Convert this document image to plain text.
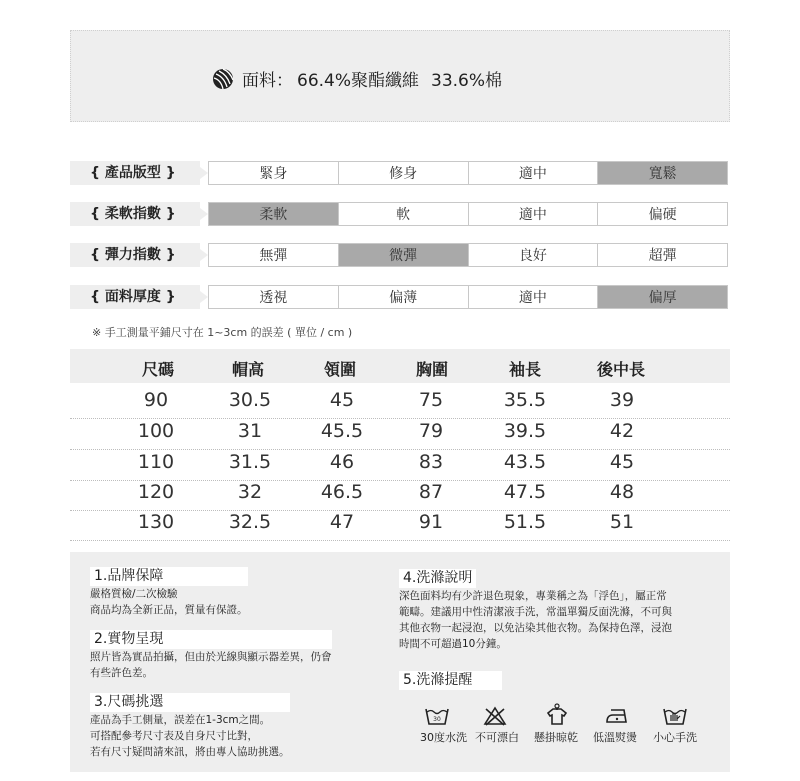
面料： 66.4%聚酯纖維 33.6%棉
{ 產品版型 }	緊身	修身	適中	寬鬆
{ 柔軟指數 }	柔軟	軟	適中	偏硬
{ 彈力指數 }	無彈	微彈	良好	超彈
{ 面料厚度 }	透視	偏薄	適中	偏厚
※ 手工測量平鋪尺寸在 1~3cm 的誤差 ( 單位 / cm )
尺碼	帽高	領圍	胸圍	袖長	後中長
90	30.5	45	75	35.5	39
100	31	45.5	79	39.5	42
110	31.5	46	83	43.5	45
120	32	46.5	87	47.5	48
130	32.5	47	91	51.5	51
1.品牌保障
嚴格質檢/二次檢驗
商品均為全新正品，質量有保證。
2.實物呈現
照片皆為實品拍攝，但由於光線與顯示器差異，仍會
有些許色差。
3.尺碼挑選
產品為手工側量，誤差在1-3cm之間。
可搭配參考尺寸表及自身尺寸比對，
若有尺寸疑問請來訊，將由專人協助挑選。
4.洗滌說明
深色面料均有少許退色現象，專業稱之為「浮色」，屬正常
範疇。建議用中性清潔液手洗，常溫單獨反面洗滌，不可與
其他衣物一起浸泡，以免沾染其他衣物。為保持色澤，浸泡
時間不可超過10分鐘。
5.洗滌提醒
30
30度水洗 不可漂白 懸掛晾乾 低溫熨燙 小心手洗
